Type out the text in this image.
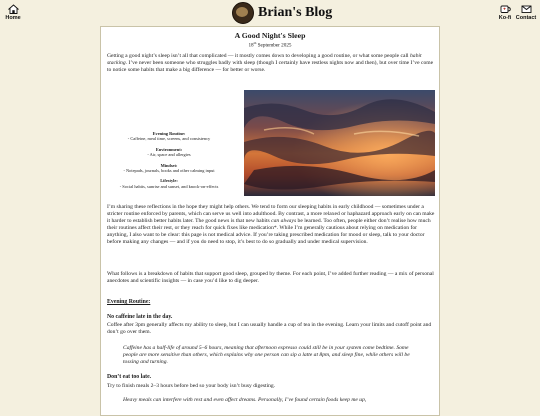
Home	Brian's Blog	Ko-fi Contact
A Good Night's Sleep
18th September 2025

Getting a good night’s sleep isn’t all that complicated — it mostly comes down to developing a good routine, or what some people call habit stacking. I’ve never been someone who struggles badly with sleep (though I certainly have restless nights now and then), but over time I’ve come to notice some habits that make a big difference — for better or worse.

Evening Routine:
- Caffeine, meal time, screens, and consistency
Environment:
- Air, space and allergies
Mindset:
- Notepads, journals, books and other calming input
Lifestyle:
- Social habits, sunrise and sunset, and knock-on-effects

I’m sharing these reflections in the hope they might help others. We tend to form our sleeping habits in early childhood — sometimes under a stricter routine enforced by parents, which can serve us well into adulthood. By contrast, a more relaxed or haphazard approach early on can make it harder to establish better habits later. The good news is that new habits can always be learned. Too often, people either don’t realise how much their routines affect their rest, or they reach for quick fixes like medication*. While I’m generally cautious about relying on medication for anything, I also want to be clear: this page is not medical advice. If you’re taking prescribed medication for mood or sleep, talk to your doctor before making any changes — and if you do need to stop, it’s best to do so gradually and under medical supervision.

What follows is a breakdown of habits that support good sleep, grouped by theme. For each point, I’ve added further reading — a mix of personal anecdotes and scientific insights — in case you’d like to dig deeper.

Evening Routine:
No caffeine late in the day.

Coffee after 3pm generally affects my ability to sleep, but I can usually handle a cup of tea in the evening. Learn your limits and cutoff point and don’t go over them.

Caffeine has a half-life of around 5–6 hours, meaning that afternoon espresso could still be in your system come bedtime. Some people are more sensitive than others, which explains why one person can sip a latte at 8pm, and sleep fine, while others will be tossing and turning.

Don’t eat too late.

Try to finish meals 2–3 hours before bed so your body isn’t busy digesting.

Heavy meals can interfere with rest and even affect dreams. Personally, I’ve found certain foods keep me up,
